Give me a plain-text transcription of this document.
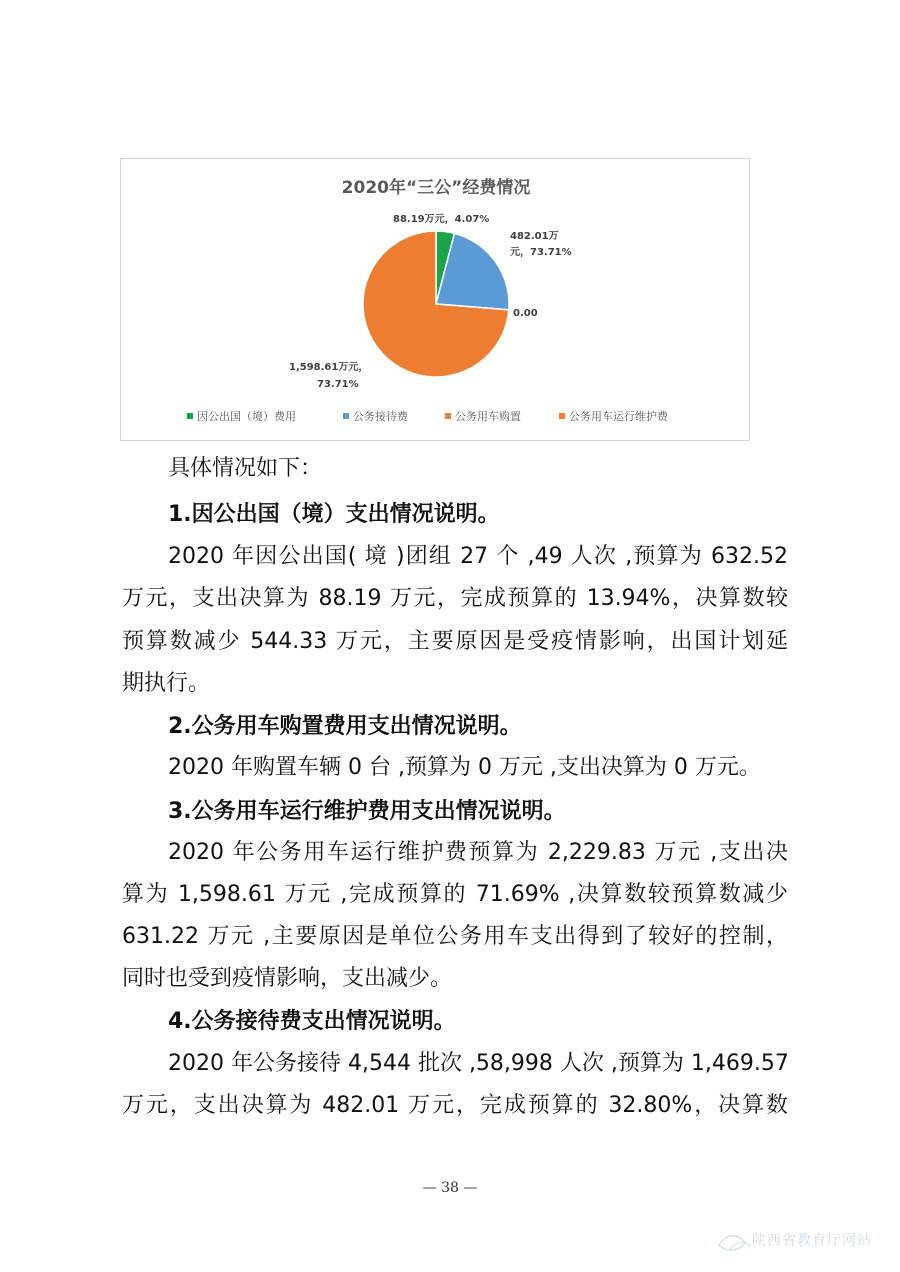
2020年“三公”经费情况
88.19万元，4.07%
482.01万
元，73.71%
0.00
1,598.61万元，
73.71%
因公出国（境）费用	公务接待费	公务用车购置	公务用车运行维护费
具体情况如下：
1.因公出国（境）支出情况说明。
2020 年因公出国( 境 )团组 27 个 ,49 人次 ,预算为 632.52
万元，支出决算为 88.19 万元，完成预算的 13.94%，决算数较
预算数减少 544.33 万元，主要原因是受疫情影响，出国计划延
期执行。
2.公务用车购置费用支出情况说明。
2020 年购置车辆 0 台 ,预算为 0 万元 ,支出决算为 0 万元。
3.公务用车运行维护费用支出情况说明。
2020 年公务用车运行维护费预算为 2,229.83 万元 ,支出决
算为 1,598.61 万元 ,完成预算的 71.69% ,决算数较预算数减少
631.22 万元 ,主要原因是单位公务用车支出得到了较好的控制，
同时也受到疫情影响，支出减少。
4.公务接待费支出情况说明。
2020 年公务接待 4,544 批次 ,58,998 人次 ,预算为 1,469.57
万元，支出决算为 482.01 万元，完成预算的 32.80%，决算数
— 38 —
陕西省教育厅网站
